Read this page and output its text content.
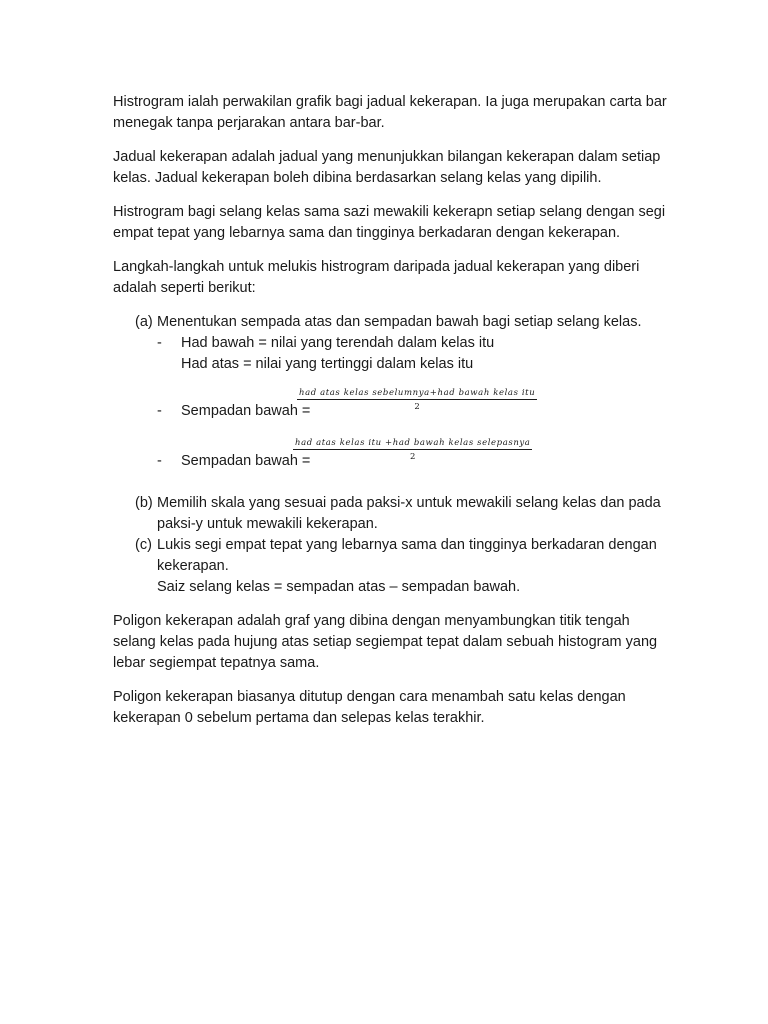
Histrogram ialah perwakilan grafik bagi jadual kekerapan. Ia juga merupakan carta bar menegak tanpa perjarakan antara bar-bar.

Jadual kekerapan adalah jadual yang menunjukkan bilangan kekerapan dalam setiap kelas. Jadual kekerapan boleh dibina berdasarkan selang kelas yang dipilih.

Histrogram bagi selang kelas sama sazi mewakili kekerapn setiap selang dengan segi empat tepat yang lebarnya sama dan tingginya berkadaran dengan kekerapan.

Langkah-langkah untuk melukis histrogram daripada jadual kekerapan yang diberi adalah seperti berikut:

(a) Menentukan sempada atas dan sempadan bawah bagi setiap selang kelas.
- Had bawah = nilai yang terendah dalam kelas itu
Had atas = nilai yang tertinggi dalam kelas itu
- Sempadan bawah =
had atas kelas sebelumnya+had bawah kelas itu
2
- Sempadan bawah =
had atas kelas itu +had bawah kelas selepasnya
2
(b) Memilih skala yang sesuai pada paksi-x untuk mewakili selang kelas dan pada paksi-y untuk mewakili kekerapan.
(c) Lukis segi empat tepat yang lebarnya sama dan tingginya berkadaran dengan kekerapan.
Saiz selang kelas = sempadan atas – sempadan bawah.

Poligon kekerapan adalah graf yang dibina dengan menyambungkan titik tengah selang kelas pada hujung atas setiap segiempat tepat dalam sebuah histogram yang lebar segiempat tepatnya sama.

Poligon kekerapan biasanya ditutup dengan cara menambah satu kelas dengan kekerapan 0 sebelum pertama dan selepas kelas terakhir.
